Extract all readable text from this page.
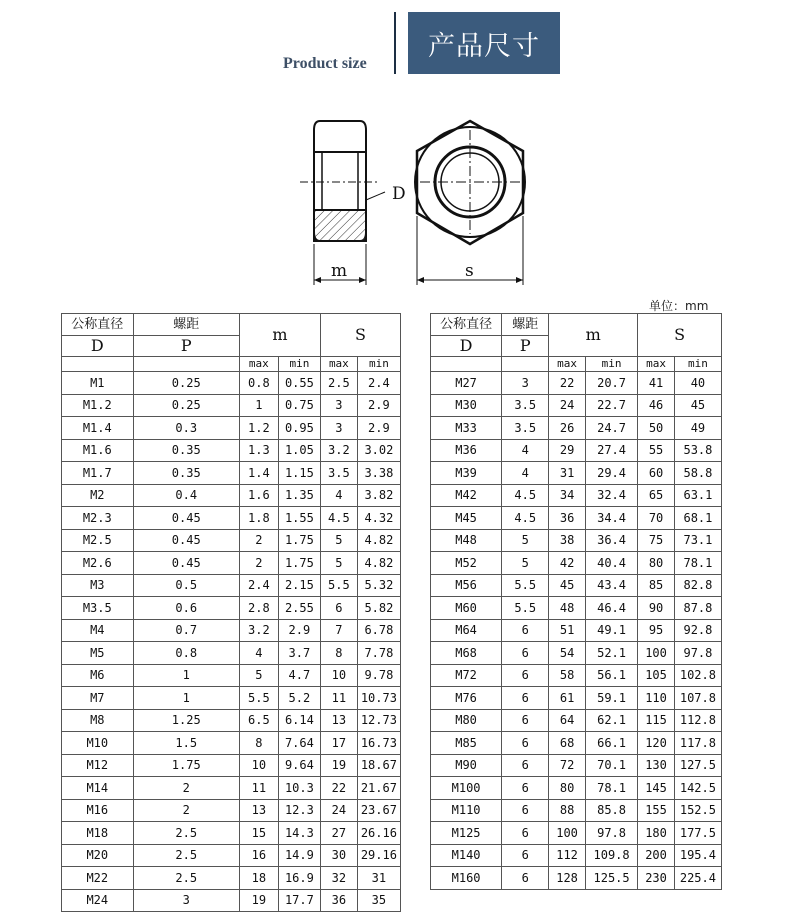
Product size
产品尺寸
D
m	s
单位：mm
公称直径	螺距	m		S	
D	P				
		max	min	max	min
M1	0.25	0.8	0.55	2.5	2.4
M1.2	0.25	1	0.75	3	2.9
M1.4	0.3	1.2	0.95	3	2.9
M1.6	0.35	1.3	1.05	3.2	3.02
M1.7	0.35	1.4	1.15	3.5	3.38
M2	0.4	1.6	1.35	4	3.82
M2.3	0.45	1.8	1.55	4.5	4.32
M2.5	0.45	2	1.75	5	4.82
M2.6	0.45	2	1.75	5	4.82
M3	0.5	2.4	2.15	5.5	5.32
M3.5	0.6	2.8	2.55	6	5.82
M4	0.7	3.2	2.9	7	6.78
M5	0.8	4	3.7	8	7.78
M6	1	5	4.7	10	9.78
M7	1	5.5	5.2	11	10.73
M8	1.25	6.5	6.14	13	12.73
M10	1.5	8	7.64	17	16.73
M12	1.75	10	9.64	19	18.67
M14	2	11	10.3	22	21.67
M16	2	13	12.3	24	23.67
M18	2.5	15	14.3	27	26.16
M20	2.5	16	14.9	30	29.16
M22	2.5	18	16.9	32	31
M24	3	19	17.7	36	35
公称直径	螺距	m		S	
D	P				
		max	min	max	min
M27	3	22	20.7	41	40
M30	3.5	24	22.7	46	45
M33	3.5	26	24.7	50	49
M36	4	29	27.4	55	53.8
M39	4	31	29.4	60	58.8
M42	4.5	34	32.4	65	63.1
M45	4.5	36	34.4	70	68.1
M48	5	38	36.4	75	73.1
M52	5	42	40.4	80	78.1
M56	5.5	45	43.4	85	82.8
M60	5.5	48	46.4	90	87.8
M64	6	51	49.1	95	92.8
M68	6	54	52.1	100	97.8
M72	6	58	56.1	105	102.8
M76	6	61	59.1	110	107.8
M80	6	64	62.1	115	112.8
M85	6	68	66.1	120	117.8
M90	6	72	70.1	130	127.5
M100	6	80	78.1	145	142.5
M110	6	88	85.8	155	152.5
M125	6	100	97.8	180	177.5
M140	6	112	109.8	200	195.4
M160	6	128	125.5	230	225.4
